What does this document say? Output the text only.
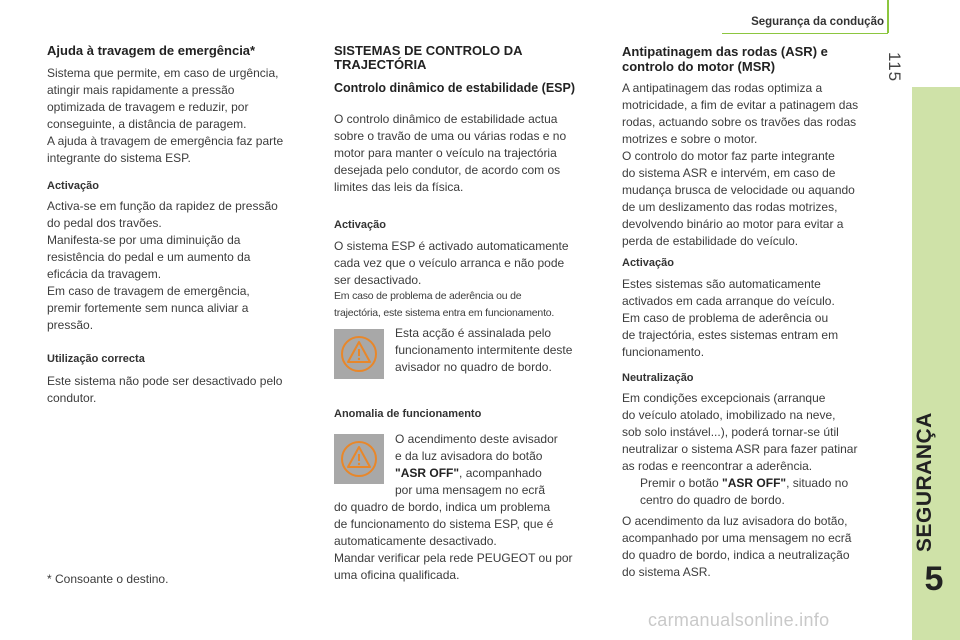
Segurança da condução
115
SEGURANÇA
5
Ajuda à travagem de emergência*

Sistema que permite, em caso de urgência,

atingir mais rapidamente a pressão

optimizada de travagem e reduzir, por

conseguinte, a distância de paragem.

A ajuda à travagem de emergência faz parte

integrante do sistema ESP.

Activação

Activa-se em função da rapidez de pressão

do pedal dos travões.

Manifesta-se por uma diminuição da

resistência do pedal e um aumento da

eficácia da travagem.

Em caso de travagem de emergência,

premir fortemente sem nunca aliviar a

pressão.

Utilização correcta

Este sistema não pode ser desactivado pelo

condutor.

* Consoante o destino.

SISTEMAS DE CONTROLO DA
TRAJECTÓRIA
Controlo dinâmico de estabilidade (ESP)

O controlo dinâmico de estabilidade actua

sobre o travão de uma ou várias rodas e no

motor para manter o veículo na trajectória

desejada pelo condutor, de acordo com os

limites das leis da física.

Activação

O sistema ESP é activado automaticamente

cada vez que o veículo arranca e não pode

ser desactivado.

Em caso de problema de aderência ou de

trajectória, este sistema entra em funcionamento.

Esta acção é assinalada pelo

funcionamento intermitente deste

avisador no quadro de bordo.

Anomalia de funcionamento

O acendimento deste avisador

e da luz avisadora do botão

"ASR OFF", acompanhado

por uma mensagem no ecrã

do quadro de bordo, indica um problema

de funcionamento do sistema ESP, que é

automaticamente desactivado.

Mandar verificar pela rede PEUGEOT ou por

uma oficina qualificada.

Antipatinagem das rodas (ASR) e
controlo do motor (MSR)

A antipatinagem das rodas optimiza a

motricidade, a fim de evitar a patinagem das

rodas, actuando sobre os travões das rodas

motrizes e sobre o motor.

O controlo do motor faz parte integrante

do sistema ASR e intervém, em caso de

mudança brusca de velocidade ou aquando

de um deslizamento das rodas motrizes,

devolvendo binário ao motor para evitar a

perda de estabilidade do veículo.

Activação

Estes sistemas são automaticamente

activados em cada arranque do veículo.

Em caso de problema de aderência ou

de trajectória, estes sistemas entram em

funcionamento.

Neutralização

Em condições excepcionais (arranque

do veículo atolado, imobilizado na neve,

sob solo instável...), poderá tornar-se útil

neutralizar o sistema ASR para fazer patinar

as rodas e reencontrar a aderência.

Premir o botão "ASR OFF", situado no

centro do quadro de bordo.

O acendimento da luz avisadora do botão,

acompanhado por uma mensagem no ecrã

do quadro de bordo, indica a neutralização

do sistema ASR.

carmanualsonline.info
